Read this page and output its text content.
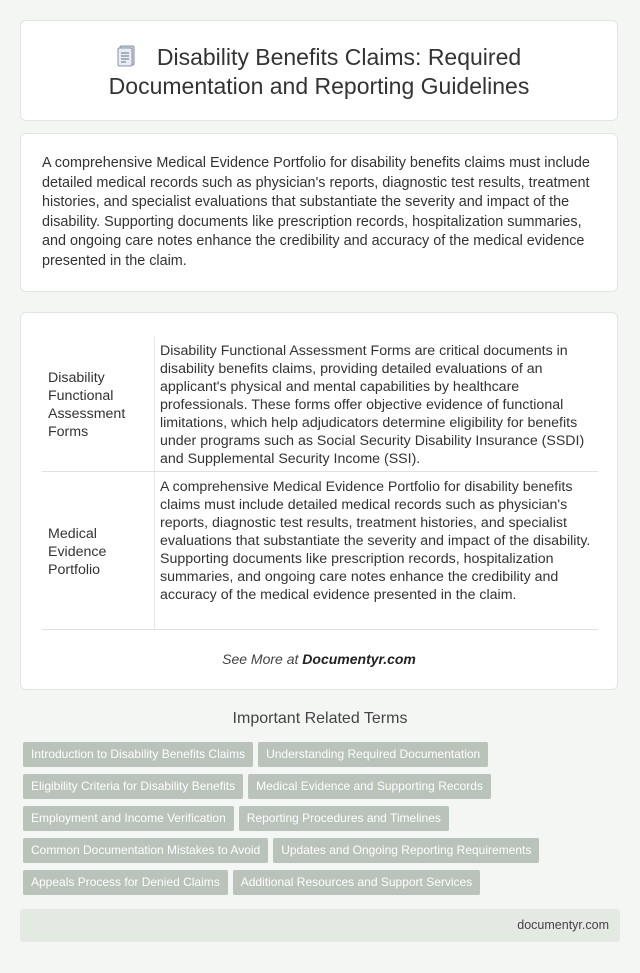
Disability Benefits Claims: Required
Documentation and Reporting Guidelines

A comprehensive Medical Evidence Portfolio for disability benefits claims must include detailed medical records such as physician's reports, diagnostic test results, treatment histories, and specialist evaluations that substantiate the severity and impact of the disability. Supporting documents like prescription records, hospitalization summaries, and ongoing care notes enhance the credibility and accuracy of the medical evidence presented in the claim.

Disability Functional Assessment Forms

Disability Functional Assessment Forms are critical documents in disability benefits claims, providing detailed evaluations of an applicant's physical and mental capabilities by healthcare professionals. These forms offer objective evidence of functional limitations, which help adjudicators determine eligibility for benefits under programs such as Social Security Disability Insurance (SSDI) and Supplemental Security Income (SSI).

Medical Evidence Portfolio

A comprehensive Medical Evidence Portfolio for disability benefits claims must include detailed medical records such as physician's reports, diagnostic test results, treatment histories, and specialist evaluations that substantiate the severity and impact of the disability. Supporting documents like prescription records, hospitalization summaries, and ongoing care notes enhance the credibility and accuracy of the medical evidence presented in the claim.

See More at Documentyr.com
Important Related Terms
Introduction to Disability Benefits Claims Understanding Required Documentation
Eligibility Criteria for Disability Benefits Medical Evidence and Supporting Records
Employment and Income Verification Reporting Procedures and Timelines
Common Documentation Mistakes to Avoid Updates and Ongoing Reporting Requirements
Appeals Process for Denied Claims Additional Resources and Support Services
documentyr.com
